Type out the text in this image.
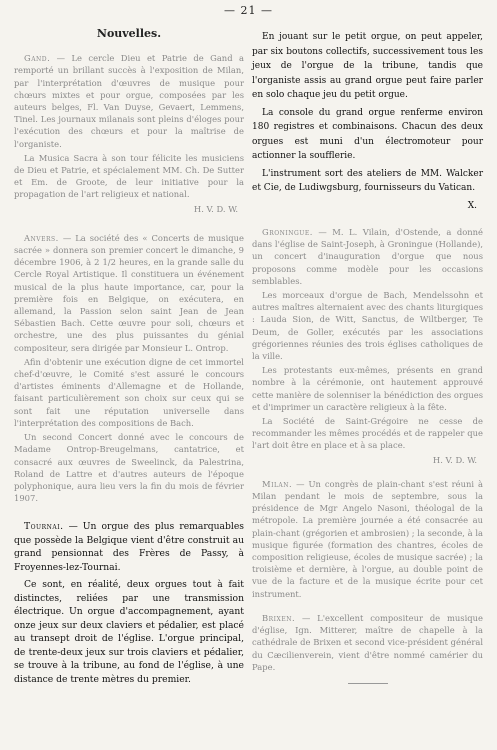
— 21 —
Nouvelles.

Gand. — Le cercle Dieu et Patrie de Gand a remporté un brillant succès à l'exposition de Milan, par l'interprétation d'œuvres de musique pour chœurs mixtes et pour orgue, composées par les auteurs belges, Fl. Van Duyse, Gevaert, Lemmens, Tinel. Les journaux milanais sont pleins d'éloges pour l'exécution des chœurs et pour la maîtrise de l'organiste.

La Musica Sacra à son tour félicite les musiciens de Dieu et Patrie, et spécialement MM. Ch. De Sutter et Em. de Groote, de leur initiative pour la propagation de l'art religieux et national.

H. V. D. W.

Anvers. — La société des « Concerts de musique sacrée » donnera son premier concert le dimanche, 9 décembre 1906, à 2 1/2 heures, en la grande salle du Cercle Royal Artistique. Il constituera un événement musical de la plus haute importance, car, pour la première fois en Belgique, on exécutera, en allemand, la Passion selon saint Jean de Jean Sébastien Bach. Cette œuvre pour soli, chœurs et orchestre, une des plus puissantes du génial compositeur, sera dirigée par Monsieur L. Ontrop.

Afin d'obtenir une exécution digne de cet immortel chef-d'œuvre, le Comité s'est assuré le concours d'artistes éminents d'Allemagne et de Hollande, faisant particulièrement son choix sur ceux qui se sont fait une réputation universelle dans l'interprétation des compositions de Bach.

Un second Concert donné avec le concours de Madame Ontrop-Breugelmans, cantatrice, et consacré aux œuvres de Sweelinck, da Palestrina, Roland de Lattre et d'autres auteurs de l'époque polyphonique, aura lieu vers la fin du mois de février 1907.

Tournai. — Un orgue des plus remarquables que possède la Belgique vient d'être construit au grand pensionnat des Frères de Passy, à Froyennes-lez-Tournai.

Ce sont, en réalité, deux orgues tout à fait distinctes, reliées par une transmission électrique. Un orgue d'accompagnement, ayant onze jeux sur deux claviers et pédalier, est placé au transept droit de l'église. L'orgue principal, de trente-deux jeux sur trois claviers et pédalier, se trouve à la tribune, au fond de l'église, à une distance de trente mètres du premier.

En jouant sur le petit orgue, on peut appeler, par six boutons collectifs, successivement tous les jeux de l'orgue de la tribune, tandis que l'organiste assis au grand orgue peut faire parler en solo chaque jeu du petit orgue.

La console du grand orgue renferme environ 180 registres et combinaisons. Chacun des deux orgues est muni d'un électromoteur pour actionner la soufflerie.

L'instrument sort des ateliers de MM. Walcker et Cie, de Ludiwgsburg, fournisseurs du Vatican.

X.

Groningue. — M. L. Vilain, d'Ostende, a donné dans l'église de Saint-Joseph, à Groningue (Hollande), un concert d'inauguration d'orgue que nous proposons comme modèle pour les occasions semblables.

Les morceaux d'orgue de Bach, Mendelssohn et autres maîtres alternaient avec des chants liturgiques : Lauda Sion, de Witt, Sanctus, de Wiltberger, Te Deum, de Goller, exécutés par les associations grégoriennes réunies des trois églises catholiques de la ville.

Les protestants eux-mêmes, présents en grand nombre à la cérémonie, ont hautement approuvé cette manière de solenniser la bénédiction des orgues et d'imprimer un caractère religieux à la fête.

La Société de Saint-Grégoire ne cesse de recommander les mêmes procédés et de rappeler que l'art doit être en place et à sa place.

H. V. D. W.

Milan. — Un congrès de plain-chant s'est réuni à Milan pendant le mois de septembre, sous la présidence de Mgr Angelo Nasoni, théologal de la métropole. La première journée a été consacrée au plain-chant (grégorien et ambrosien) ; la seconde, à la musique figurée (formation des chantres, écoles de composition religieuse, écoles de musique sacrée) ; la troisième et dernière, à l'orgue, au double point de vue de la facture et de la musique écrite pour cet instrument.

Brixen. — L'excellent compositeur de musique d'église, Ign. Mitterer, maître de chapelle à la cathédrale de Brixen et second vice-président général du Cæcilienverein, vient d'être nommé camérier du Pape.
